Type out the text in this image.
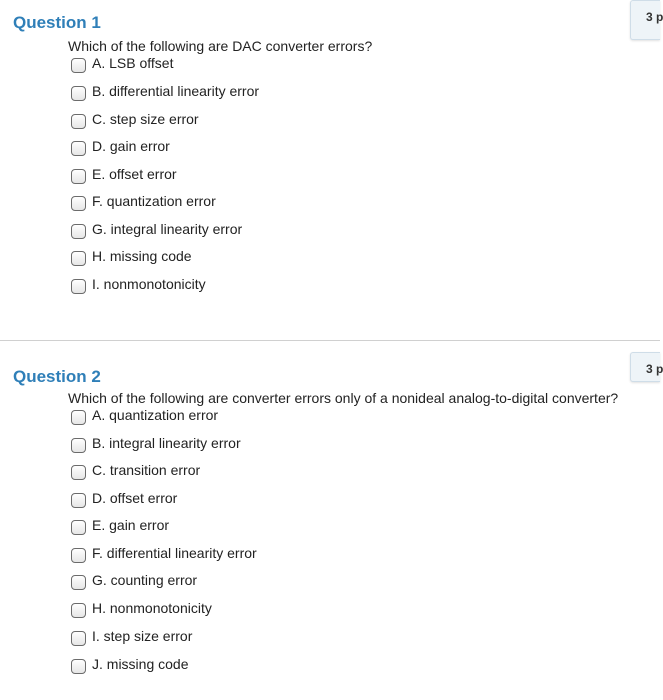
Question 1	3 p
Which of the following are DAC converter errors?
A. LSB offset
B. differential linearity error
C. step size error
D. gain error
E. offset error
F. quantization error
G. integral linearity error
H. missing code
I. nonmonotonicity
Question 2	3 p
Which of the following are converter errors only of a nonideal analog-to-digital converter?
A. quantization error
B. integral linearity error
C. transition error
D. offset error
E. gain error
F. differential linearity error
G. counting error
H. nonmonotonicity
I. step size error
J. missing code
